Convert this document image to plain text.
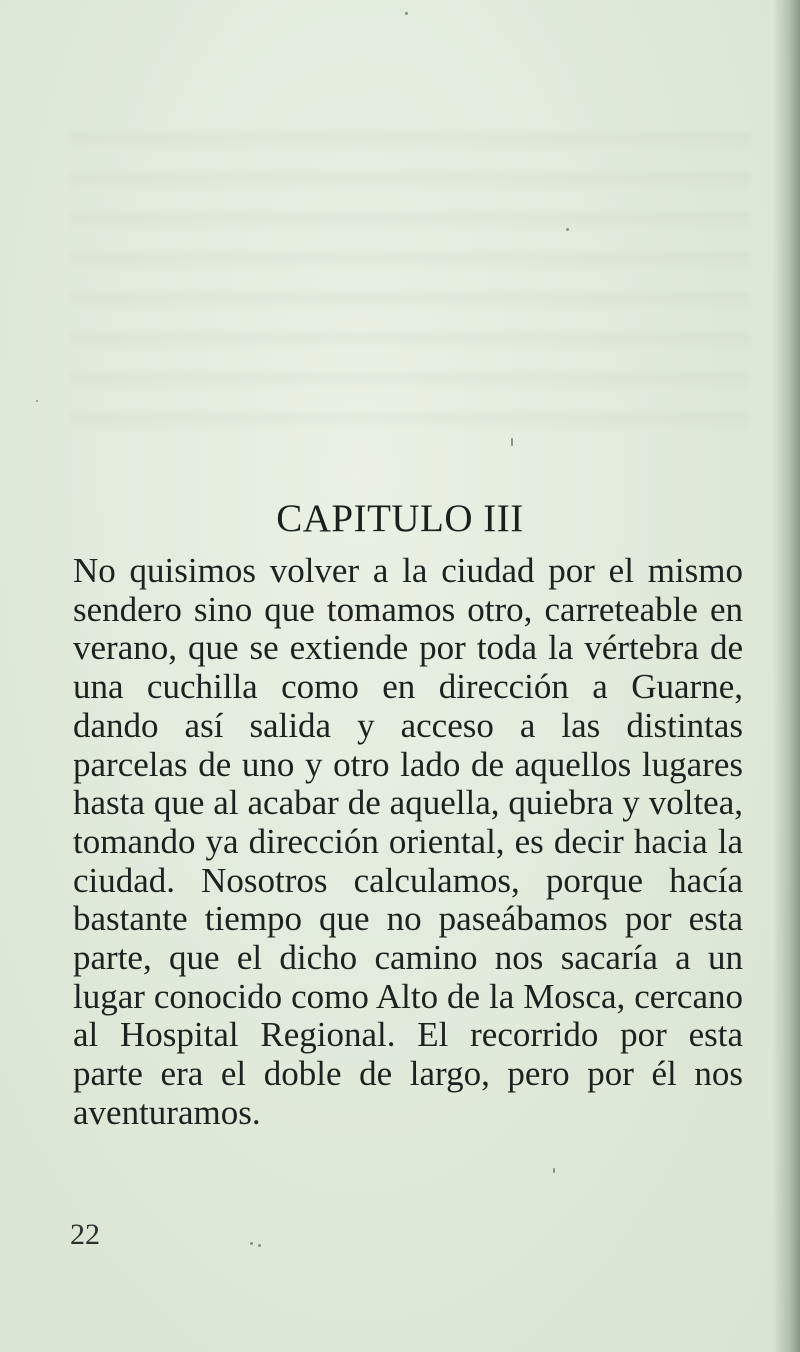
CAPITULO III

No quisimos volver a la ciudad por el mismo sendero sino que tomamos otro, carreteable en verano, que se extiende por toda la vértebra de una cuchilla como en dirección a Guarne, dando así salida y acceso a las distintas parcelas de uno y otro lado de aquellos lugares hasta que al acabar de aquella, quiebra y voltea, tomando ya dirección oriental, es decir hacia la ciudad. Nosotros calculamos, porque hacía bastante tiempo que no paseábamos por esta parte, que el dicho camino nos sacaría a un lugar conocido como Alto de la Mosca, cercano al Hospital Regional. El recorrido por esta parte era el doble de largo, pero por él nos aventuramos.

22
